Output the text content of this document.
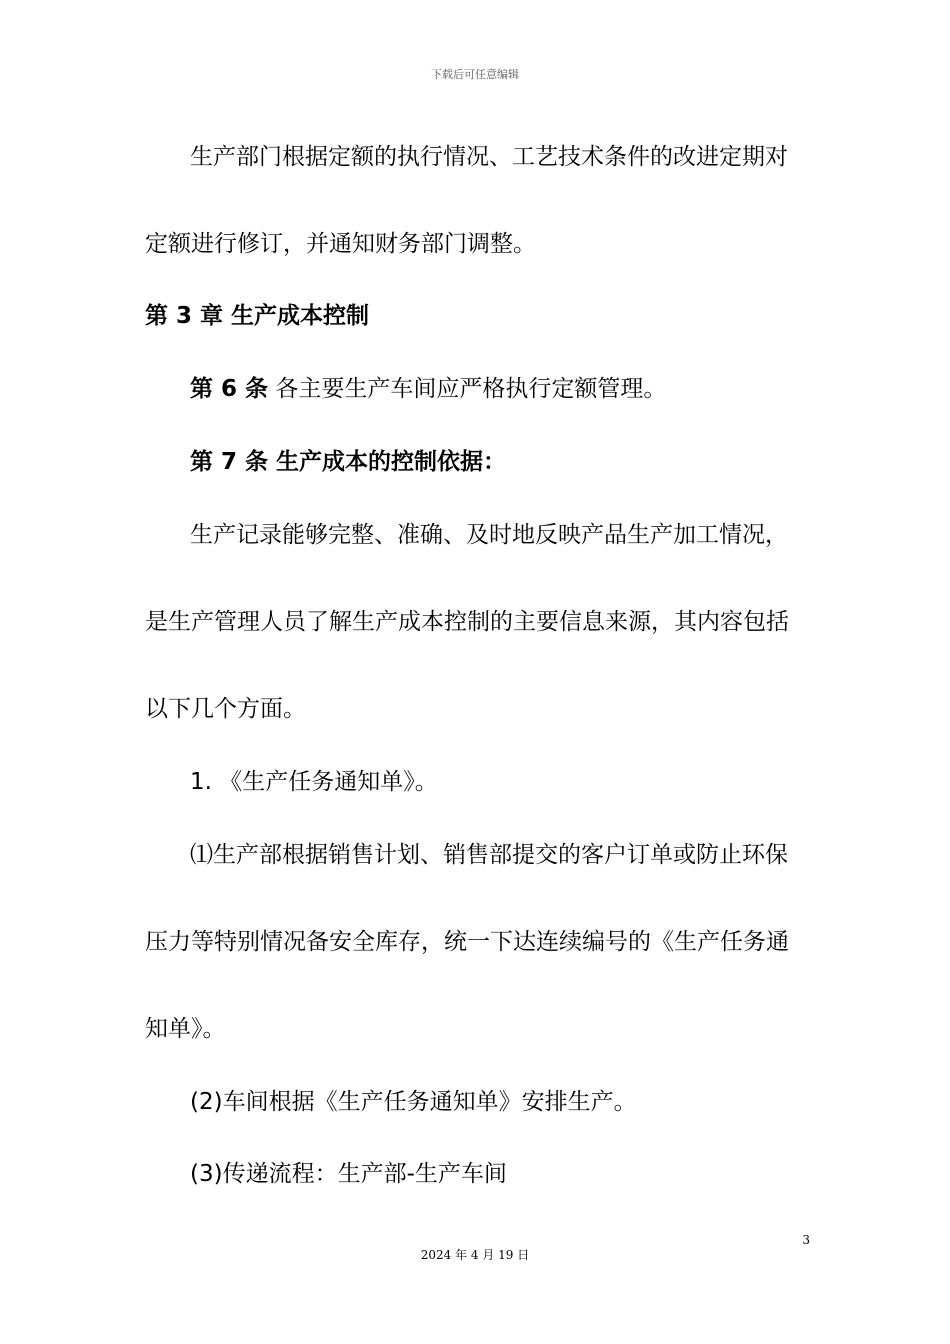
下载后可任意编辑
生产部门根据定额的执行情况、工艺技术条件的改进定期对
定额进行修订，并通知财务部门调整。
第 3 章 生产成本控制
第 6 条 各主要生产车间应严格执行定额管理。
第 7 条 生产成本的控制依据：
生产记录能够完整、准确、及时地反映产品生产加工情况，
是生产管理人员了解生产成本控制的主要信息来源，其内容包括
以下几个方面。
1. 《生产任务通知单》。
⑴生产部根据销售计划、销售部提交的客户订单或防止环保
压力等特别情况备安全库存，统一下达连续编号的《生产任务通
知单》。
(2)车间根据《生产任务通知单》安排生产。
(3)传递流程：生产部-生产车间
3
2024 年 4 月 19 日
